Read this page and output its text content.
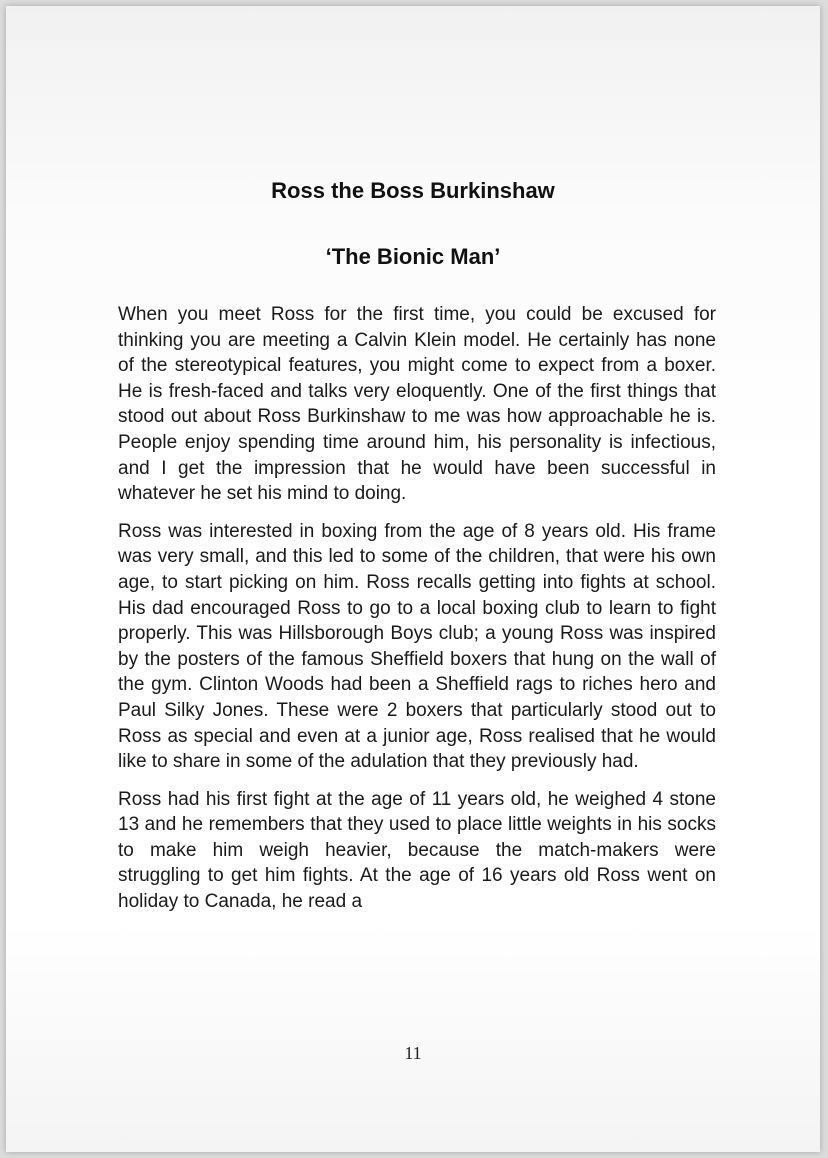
Ross the Boss Burkinshaw
‘The Bionic Man’

When you meet Ross for the first time, you could be excused for thinking you are meeting a Calvin Klein model. He certainly has none of the stereotypical features, you might come to expect from a boxer. He is fresh-faced and talks very eloquently. One of the first things that stood out about Ross Burkinshaw to me was how approachable he is. People enjoy spending time around him, his personality is infectious, and I get the impression that he would have been successful in whatever he set his mind to doing.

Ross was interested in boxing from the age of 8 years old. His frame was very small, and this led to some of the children, that were his own age, to start picking on him. Ross recalls getting into fights at school. His dad encouraged Ross to go to a local boxing club to learn to fight properly. This was Hillsborough Boys club; a young Ross was inspired by the posters of the famous Sheffield boxers that hung on the wall of the gym. Clinton Woods had been a Sheffield rags to riches hero and Paul Silky Jones. These were 2 boxers that particularly stood out to Ross as special and even at a junior age, Ross realised that he would like to share in some of the adulation that they previously had.

Ross had his first fight at the age of 11 years old, he weighed 4 stone 13 and he remembers that they used to place little weights in his socks to make him weigh heavier, because the match-makers were struggling to get him fights. At the age of 16 years old Ross went on holiday to Canada, he read a

11
